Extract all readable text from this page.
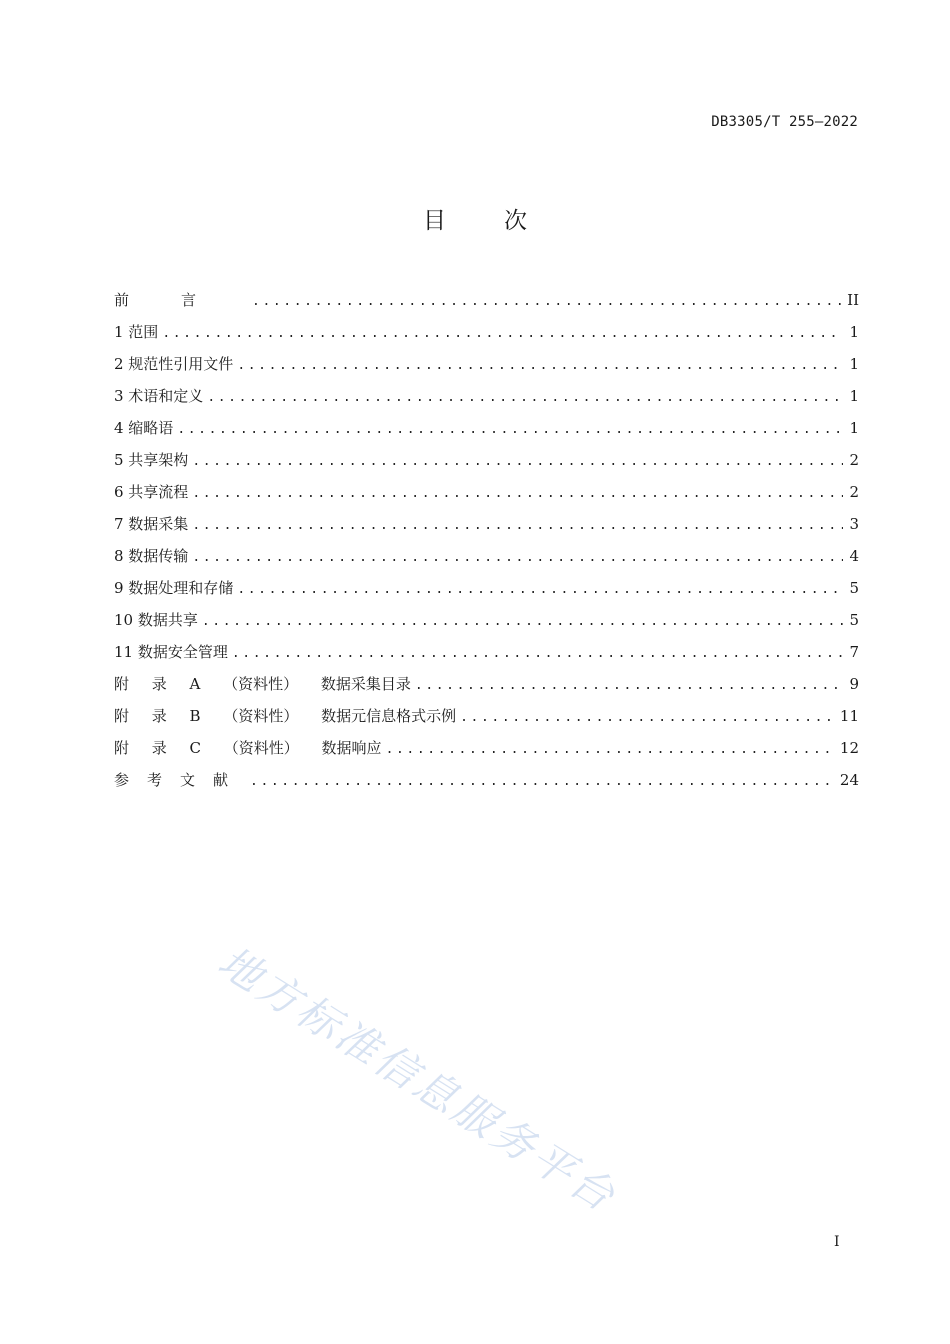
DB3305/T 255—2022
目次
前言 .....	II
1 范围 .....	1
2 规范性引用文件 .....	1
3 术语和定义 .....	1
4 缩略语 .....	1
5 共享架构 .....	2
6 共享流程 .....	2
7 数据采集 .....	3
8 数据传输 .....	4
9 数据处理和存储 .....	5
10 数据共享 .....	5
11 数据安全管理 .....	7
附 录 A （资料性） 数据采集目录 .....	9
附 录 B （资料性） 数据元信息格式示例 .....	11
附 录 C （资料性） 数据响应 .....	12
参考文献 .....	24
I
地方标准信息服务平台
